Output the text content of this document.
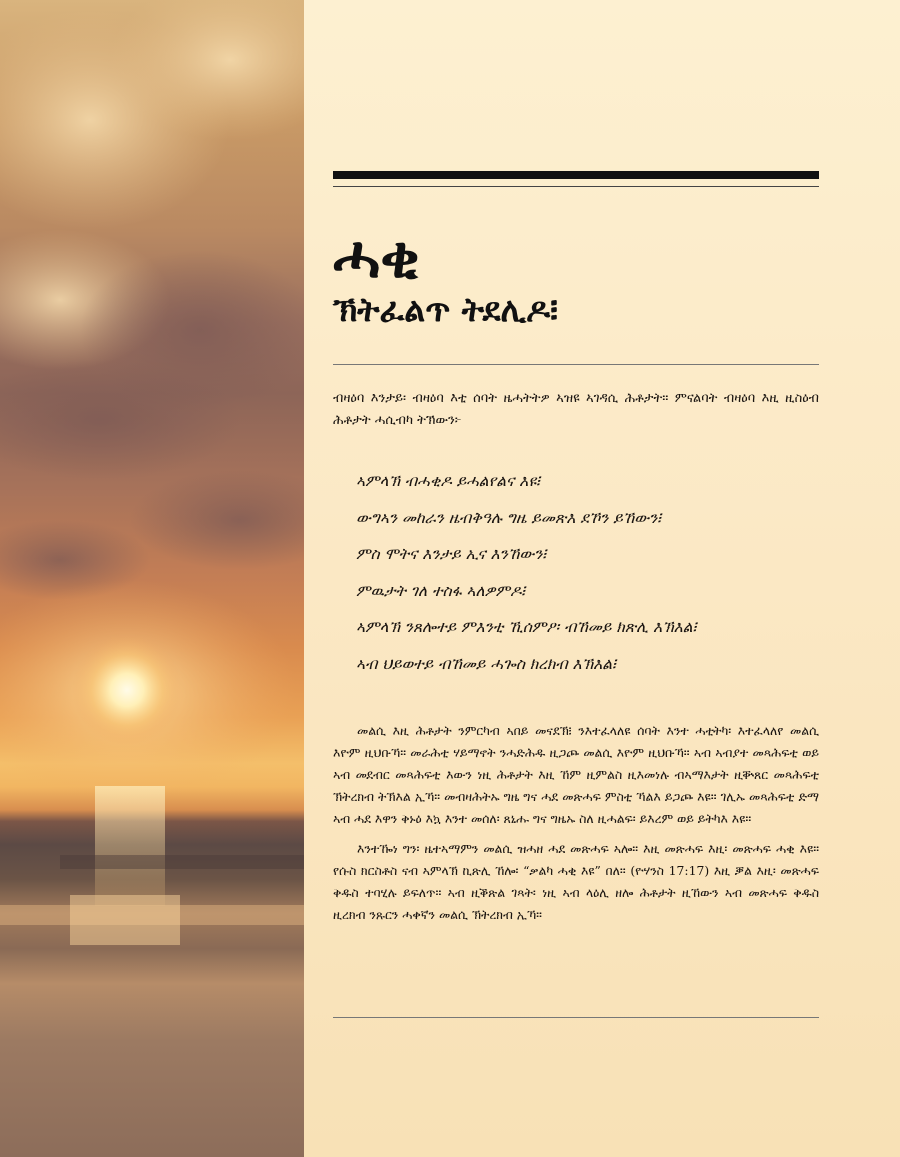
ሓቂ
ኽትፈልጥ ትደሊዶ፧

ብዛዕባ እንታይ፡ ብዛዕባ እቲ ሰባት ዜሓትትዎ ኣዝዩ ኣገዳሲ ሕቶታት። ምናልባት ብዛዕባ እዚ ዚስዕብ ሕቶታት ሓሲብካ ትኽውን፦

ኣምላኽ ብሓቂዶ ይሓልየልና እዩ፧
ውግኣን መከራን ዜብቅዓሉ ግዜ ይመጽእ ደኾን ይኸውን፧
ምስ ሞትና እንታይ ኢና እንኸውን፧
ምዉታት ገለ ተስፋ ኣለዎምዶ፧
ኣምላኽ ንጸሎተይ ምእንቲ ኺሰምዖ፡ ብኸመይ ክጽሊ እኽእል፧
ኣብ ህይወተይ ብኸመይ ሓጐስ ክረክብ እኽእል፧

መልሲ እዚ ሕቶታት ንምርካብ ኣበይ መናደኽ፧ ንእተፈላለዩ ሰባት እንተ ሓቲትካ፡ እተፈላለየ መልሲ እዮም ዚህቡኻ። መራሕቲ ሃይማኖት ንሓድሕዱ ዚጋጮ መልሲ እዮም ዚህቡኻ። ኣብ ኣብያተ መጻሕፍቲ ወይ ኣብ መደብር መጻሕፍቲ እውን ነዚ ሕቶታት እዚ ኸም ዚምልስ ዚእመነሉ ብኣማእታት ዚቝጸር መጻሕፍቲ ኽትረክብ ትኽእል ኢኻ። መብዛሕትኡ ግዜ ግና ሓደ መጽሓፍ ምስቲ ኻልእ ይጋጮ እዩ። ገሊኡ መጻሕፍቲ ድማ ኣብ ሓደ እዋን ቅኑዕ እኳ እንተ መሰለ፡ ጸኒሑ ግና ግዜኡ ስለ ዚሓልፍ፡ ይእረም ወይ ይትካእ እዩ።

እንተዀነ ግን፡ ዜተኣማምን መልሲ ዝሓዘ ሓደ መጽሓፍ ኣሎ። እዚ መጽሓፍ እዚ፡ መጽሓፍ ሓቂ እዩ። የሱስ ክርስቶስ ናብ ኣምላኽ ኪጽሊ ኸሎ፡ “ቃልካ ሓቂ እዩ” በለ። (ዮሃንስ 17:17) እዚ ቓል እዚ፡ መጽሓፍ ቅዱስ ተባሂሉ ይፍለጥ። ኣብ ዚቕጽል ገጻት፡ ነዚ ኣብ ላዕሊ ዘሎ ሕቶታት ዚኸውን ኣብ መጽሓፍ ቅዱስ ዚረክብ ንጹርን ሓቀኛን መልሲ ኽትረክብ ኢኻ።
